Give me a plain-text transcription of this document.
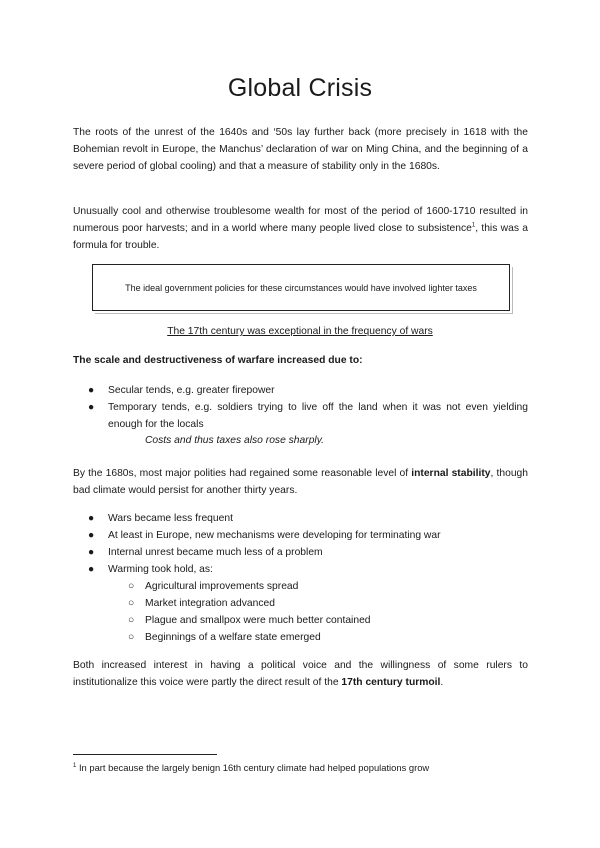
Global Crisis

The roots of the unrest of the 1640s and ‘50s lay further back (more precisely in 1618 with the Bohemian revolt in Europe, the Manchus’ declaration of war on Ming China, and the beginning of a severe period of global cooling) and that a measure of stability only in the 1680s.

Unusually cool and otherwise troublesome wealth for most of the period of 1600-1710 resulted in numerous poor harvests; and in a world where many people lived close to subsistence$^1$, this was a formula for trouble.

The ideal government policies for these circumstances would have involved lighter taxes

The 17th century was exceptional in the frequency of wars

The scale and destructiveness of warfare increased due to:

● Secular tends, e.g. greater firepower
● Temporary tends, e.g. soldiers trying to live off the land when it was not even yielding enough for the locals

Costs and thus taxes also rose sharply.

By the 1680s, most major polities had regained some reasonable level of internal stability, though bad climate would persist for another thirty years.

● Wars became less frequent
● At least in Europe, new mechanisms were developing for terminating war
● Internal unrest became much less of a problem
● Warming took hold, as:
○ Agricultural improvements spread
○ Market integration advanced
○ Plague and smallpox were much better contained
○ Beginnings of a welfare state emerged

Both increased interest in having a political voice and the willingness of some rulers to institutionalize this voice were partly the direct result of the 17th century turmoil.

$^1$ In part because the largely benign 16th century climate had helped populations grow
